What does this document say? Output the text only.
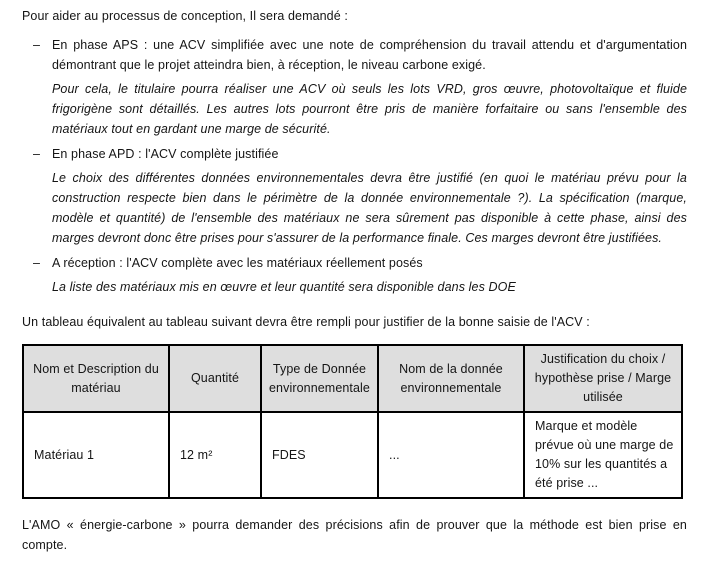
Pour aider au processus de conception, Il sera demandé :

– En phase APS : une ACV simplifiée avec une note de compréhension du travail attendu et d'argumentation démontrant que le projet atteindra bien, à réception, le niveau carbone exigé.

Pour cela, le titulaire pourra réaliser une ACV où seuls les lots VRD, gros œuvre, photovoltaïque et fluide frigorigène sont détaillés. Les autres lots pourront être pris de manière forfaitaire ou sans l'ensemble des matériaux tout en gardant une marge de sécurité.

– En phase APD : l'ACV complète justifiée

Le choix des différentes données environnementales devra être justifié (en quoi le matériau prévu pour la construction respecte bien dans le périmètre de la donnée environnementale ?). La spécification (marque, modèle et quantité) de l'ensemble des matériaux ne sera sûrement pas disponible à cette phase, ainsi des marges devront donc être prises pour s'assurer de la performance finale. Ces marges devront être justifiées.

– A réception : l'ACV complète avec les matériaux réellement posés

La liste des matériaux mis en œuvre et leur quantité sera disponible dans les DOE

Un tableau équivalent au tableau suivant devra être rempli pour justifier de la bonne saisie de l'ACV :

Nom et Description du matériau	Quantité	Type de Donnée environnementale	Nom de la donnée environnementale	Justification du choix / hypothèse prise / Marge utilisée
Matériau 1	12 m²	FDES	...	Marque et modèle prévue où une marge de 10% sur les quantités a été prise ...

L'AMO « énergie-carbone » pourra demander des précisions afin de prouver que la méthode est bien prise en compte.
